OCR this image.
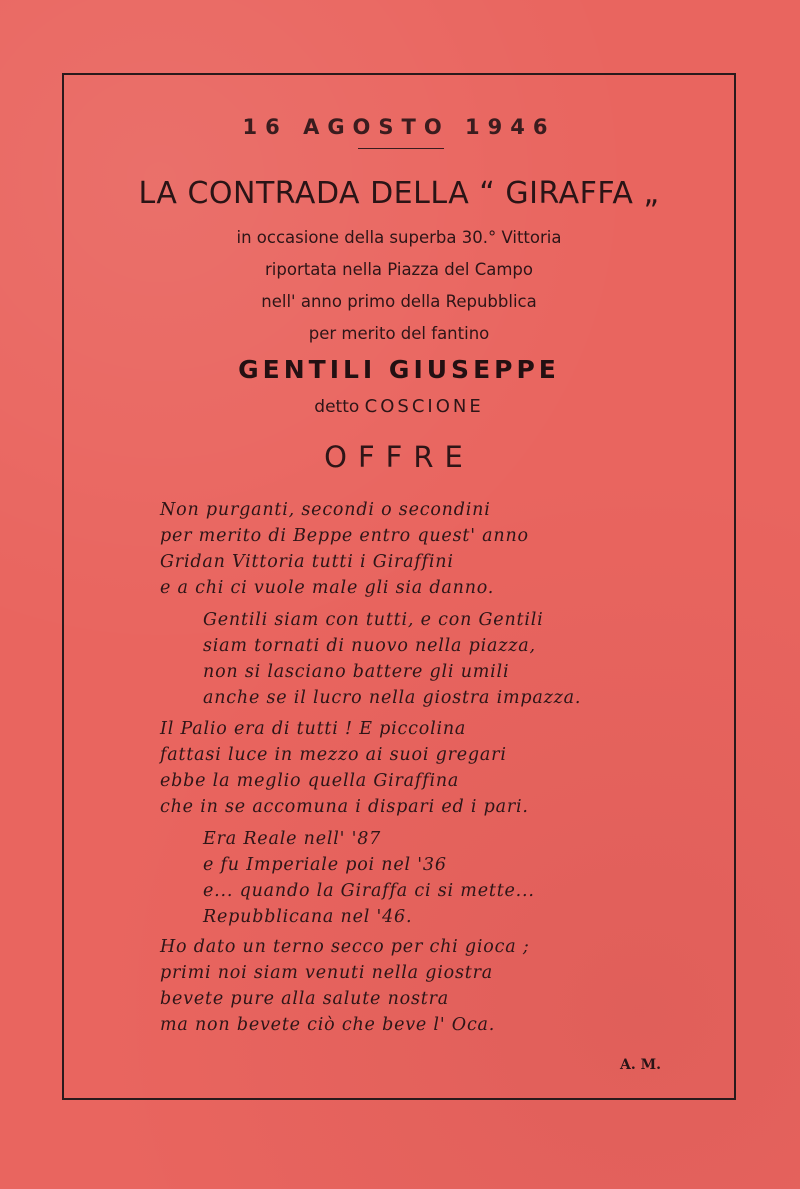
16 AGOSTO 1946
LA CONTRADA DELLA “ GIRAFFA „
in occasione della superba 30.° Vittoria
riportata nella Piazza del Campo
nell' anno primo della Repubblica
per merito del fantino
GENTILI GIUSEPPE
detto COSCIONE
OFFRE
Non purganti, secondi o secondini
per merito di Beppe entro quest' anno
Gridan Vittoria tutti i Giraffini
e a chi ci vuole male gli sia danno.
Gentili siam con tutti, e con Gentili
siam tornati di nuovo nella piazza,
non si lasciano battere gli umili
anche se il lucro nella giostra impazza.
Il Palio era di tutti ! E piccolina
fattasi luce in mezzo ai suoi gregari
ebbe la meglio quella Giraffina
che in se accomuna i dispari ed i pari.
Era Reale nell' '87
e fu Imperiale poi nel '36
e... quando la Giraffa ci si mette...
Repubblicana nel '46.
Ho dato un terno secco per chi gioca ;
primi noi siam venuti nella giostra
bevete pure alla salute nostra
ma non bevete ciò che beve l' Oca.
A. M.
